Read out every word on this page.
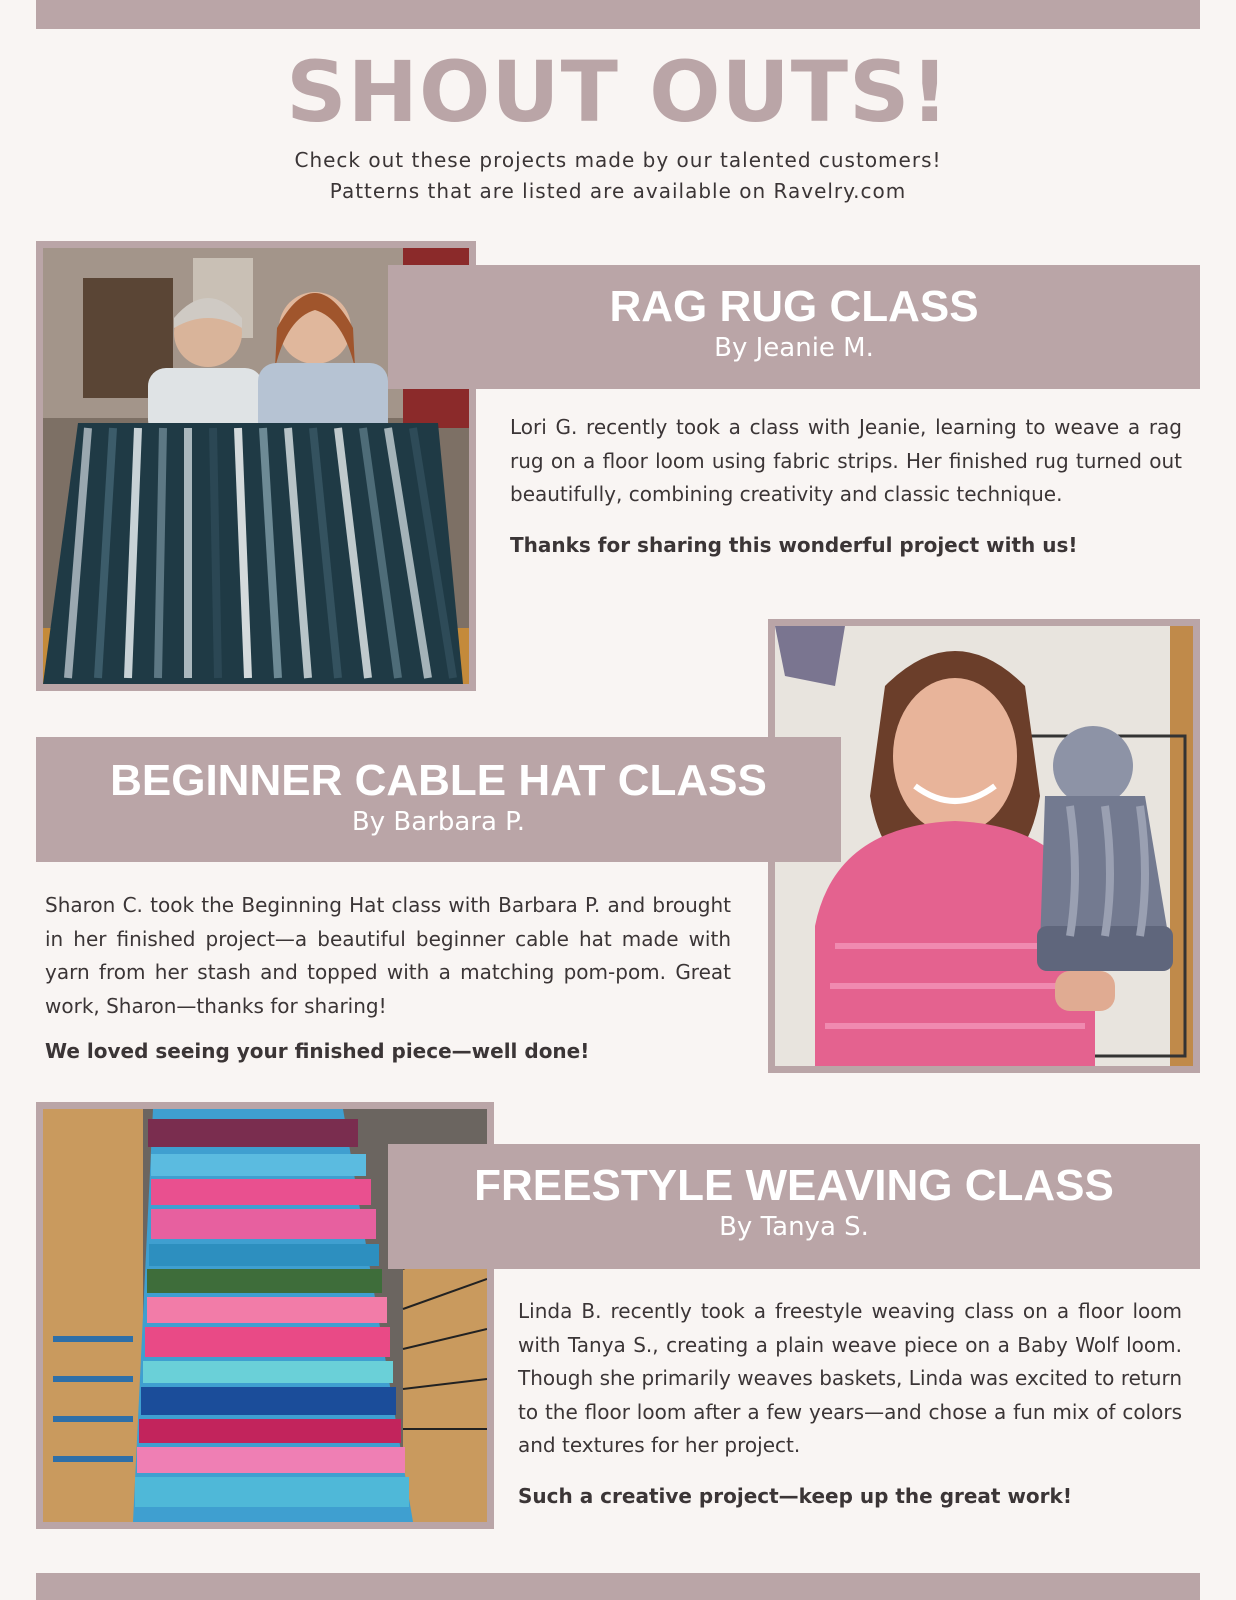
SHOUT OUTS!
Check out these projects made by our talented customers!
Patterns that are listed are available on Ravelry.com
RAG RUG CLASS
By Jeanie M.

Lori G. recently took a class with Jeanie, learning to weave a rag rug on a floor loom using fabric strips. Her finished rug turned out beautifully, combining creativity and classic technique.

Thanks for sharing this wonderful project with us!

BEGINNER CABLE HAT CLASS
By Barbara P.

Sharon C. took the Beginning Hat class with Barbara P. and brought in her finished project—a beautiful beginner cable hat made with yarn from her stash and topped with a matching pom-pom. Great work, Sharon—thanks for sharing!

We loved seeing your finished piece—well done!

FREESTYLE WEAVING CLASS
By Tanya S.

Linda B. recently took a freestyle weaving class on a floor loom with Tanya S., creating a plain weave piece on a Baby Wolf loom. Though she primarily weaves baskets, Linda was excited to return to the floor loom after a few years—and chose a fun mix of colors and textures for her project.

Such a creative project—keep up the great work!
